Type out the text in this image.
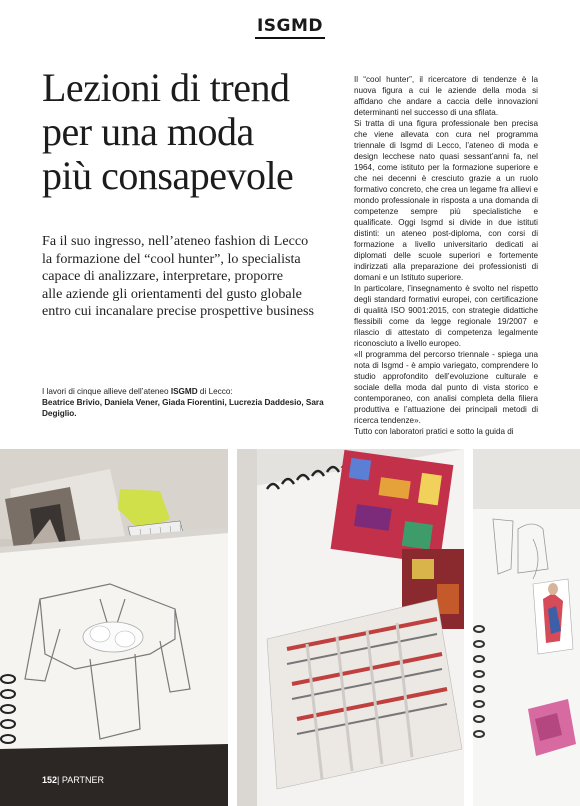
ISGMD
Lezioni di trend
per una moda
più consapevole

Fa il suo ingresso, nell’ateneo fashion di Lecco
la formazione del “cool hunter”, lo specialista
capace di analizzare, interpretare, proporre
alle aziende gli orientamenti del gusto globale
entro cui incanalare precise prospettive business

I lavori di cinque allieve dell’ateneo ISGMD di Lecco:
Beatrice Brivio, Daniela Vener, Giada Fiorentini, Lucrezia Daddesio, Sara Degiglio.

Il “cool hunter”, il ricercatore di tendenze è la nuova figura a cui le aziende della moda si affidano che andare a caccia delle innovazioni determinanti nel successo di una sfilata.

Si tratta di una figura professionale ben precisa che viene allevata con cura nel programma triennale di Isgmd di Lecco, l’ateneo di moda e design lecchese nato quasi sessant’anni fa, nel 1964, come istituto per la formazione superiore e che nei decenni è cresciuto grazie a un ruolo formativo concreto, che crea un legame fra allievi e mondo professionale in risposta a una domanda di competenze sempre più specialistiche e qualificate. Oggi Isgmd si divide in due istituti distinti: un ateneo post-diploma, con corsi di formazione a livello universitario dedicati ai diplomati delle scuole superiori e fortemente indirizzati alla preparazione dei professionisti di domani e un Istituto superiore.

In particolare, l’insegnamento è svolto nel rispetto degli standard formativi europei, con certificazione di qualità ISO 9001:2015, con strategie didattiche flessibili come da legge regionale 19/2007 e rilascio di attestato di competenza legalmente riconosciuto a livello europeo.

«Il programma del percorso triennale - spiega una nota di Isgmd - è ampio variegato, comprendere lo studio approfondito dell’evoluzione culturale e sociale della moda dal punto di vista storico e contemporaneo, con analisi completa della filiera produttiva e l’attuazione dei principali metodi di ricerca tendenze».

Tutto con laboratori pratici e sotto la guida di

152| PARTNER
